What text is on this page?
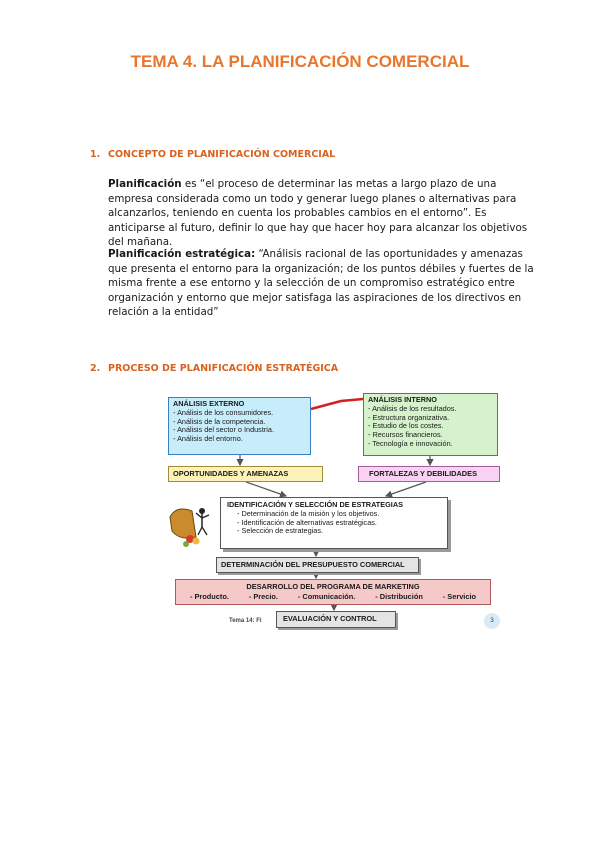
TEMA 4. LA PLANIFICACIÓN COMERCIAL
1. CONCEPTO DE PLANIFICACIÓN COMERCIAL
Planificación es “el proceso de determinar las metas a largo plazo de una empresa considerada como un todo y generar luego planes o alternativas para alcanzarlos, teniendo en cuenta los probables cambios en el entorno”. Es anticiparse al futuro, definir lo que hay que hacer hoy para alcanzar los objetivos del mañana.
Planificación estratégica: “Análisis racional de las oportunidades y amenazas que presenta el entorno para la organización; de los puntos débiles y fuertes de la misma frente a ese entorno y la selección de un compromiso estratégico entre organización y entorno que mejor satisfaga las aspiraciones de los directivos en relación a la entidad”
2. PROCESO DE PLANIFICACIÓN ESTRATÉGICA
ANÁLISIS EXTERNO
- Análisis de los consumidores.
- Análisis de la competencia.
- Análisis del sector o Industria.
- Análisis del entorno.
ANÁLISIS INTERNO
- Análisis de los resultados.
- Estructura organizativa.
- Estudio de los costes.
- Recursos financieros.
- Tecnología e innovación.
OPORTUNIDADES Y AMENAZAS	FORTALEZAS Y DEBILIDADES
IDENTIFICACIÓN Y SELECCIÓN DE ESTRATEGIAS
- Determinación de la misión y los objetivos.
- Identificación de alternativas estratégicas.
- Selección de estrategias.
DETERMINACIÓN DEL PRESUPUESTO COMERCIAL
DESARROLLO DEL PROGRAMA DE MARKETING
- Producto.	- Precio.	- Comunicación.	- Distribución	- Servicio
Tema 14: Fi	EVALUACIÓN Y CONTROL	3
